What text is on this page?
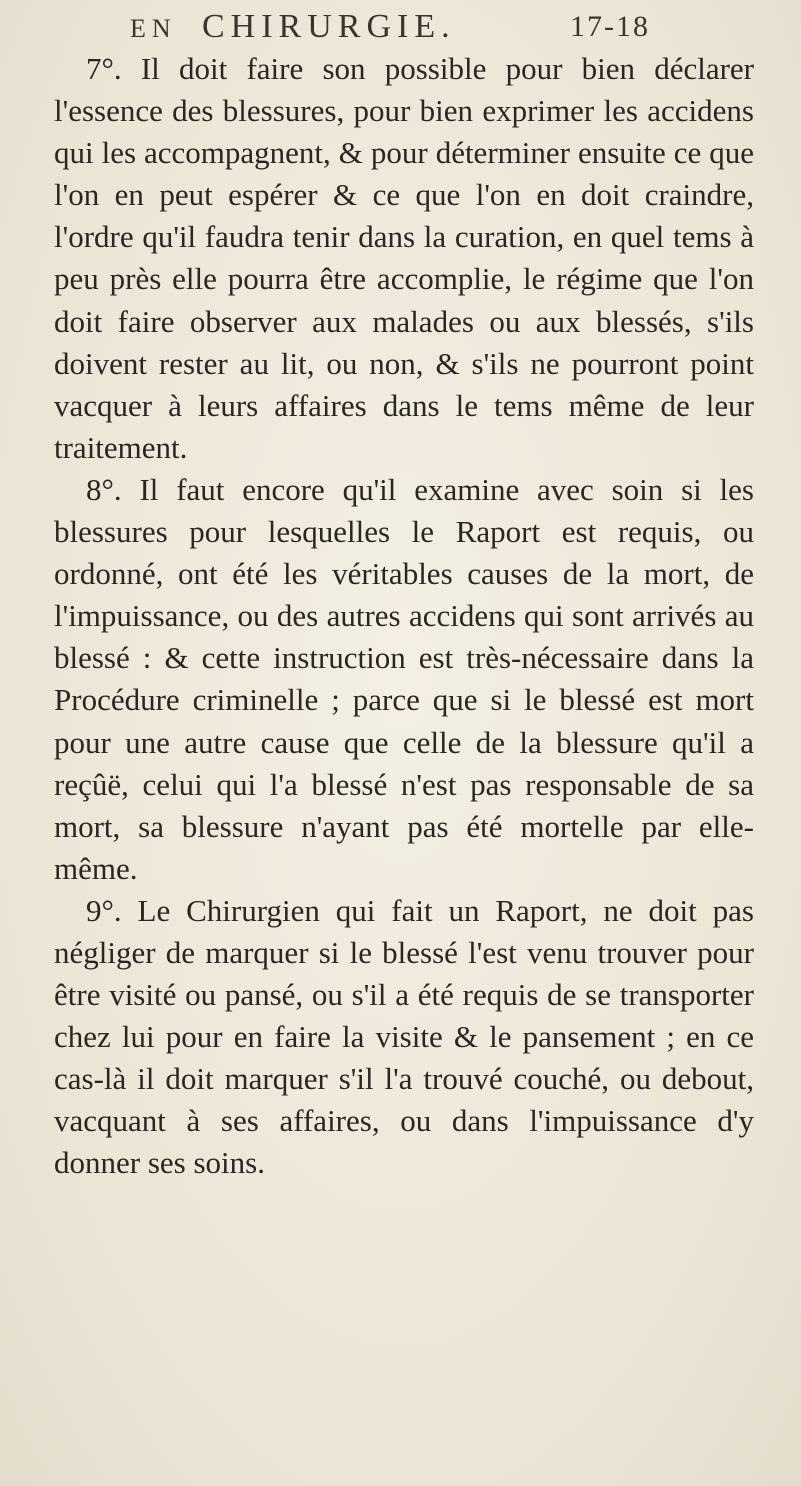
EN CHIRURGIE.	17-18

7°. Il doit faire son possible pour bien déclarer l'essence des blessures, pour bien exprimer les accidens qui les accompagnent, & pour déterminer ensuite ce que l'on en peut espérer & ce que l'on en doit craindre, l'ordre qu'il faudra tenir dans la curation, en quel tems à peu près elle pourra être accomplie, le régime que l'on doit faire observer aux malades ou aux blessés, s'ils doivent rester au lit, ou non, & s'ils ne pourront point vacquer à leurs affaires dans le tems même de leur traitement.

8°. Il faut encore qu'il examine avec soin si les blessures pour lesquelles le Raport est requis, ou ordonné, ont été les véritables causes de la mort, de l'impuissance, ou des autres accidens qui sont arrivés au blessé : & cette instruction est très-nécessaire dans la Procédure criminelle ; parce que si le blessé est mort pour une autre cause que celle de la blessure qu'il a reçûë, celui qui l'a blessé n'est pas responsable de sa mort, sa blessure n'ayant pas été mortelle par elle-même.

9°. Le Chirurgien qui fait un Raport, ne doit pas négliger de marquer si le blessé l'est venu trouver pour être visité ou pansé, ou s'il a été requis de se transporter chez lui pour en faire la visite & le pansement ; en ce cas-là il doit marquer s'il l'a trouvé couché, ou debout, vacquant à ses affaires, ou dans l'impuissance d'y donner ses soins.
